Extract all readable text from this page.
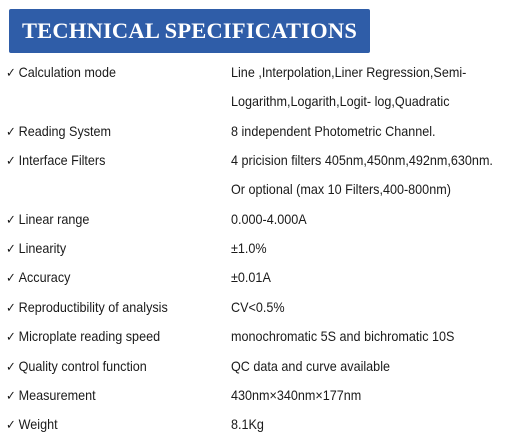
TECHNICAL SPECIFICATIONS
✓ Calculation mode	Line ,Interpolation,Liner Regression,Semi-
Logarithm,Logarith,Logit- log,Quadratic
✓ Reading System	8 independent Photometric Channel.
✓ Interface Filters	4 pricision filters 405nm,450nm,492nm,630nm.
Or optional (max 10 Filters,400-800nm)
✓ Linear range	0.000-4.000A
✓ Linearity	±1.0%
✓ Accuracy	±0.01A
✓ Reproductibility of analysis	CV<0.5%
✓ Microplate reading speed	monochromatic 5S and bichromatic 10S
✓ Quality control function	QC data and curve available
✓ Measurement	430nm×340nm×177nm
✓ Weight	8.1Kg
